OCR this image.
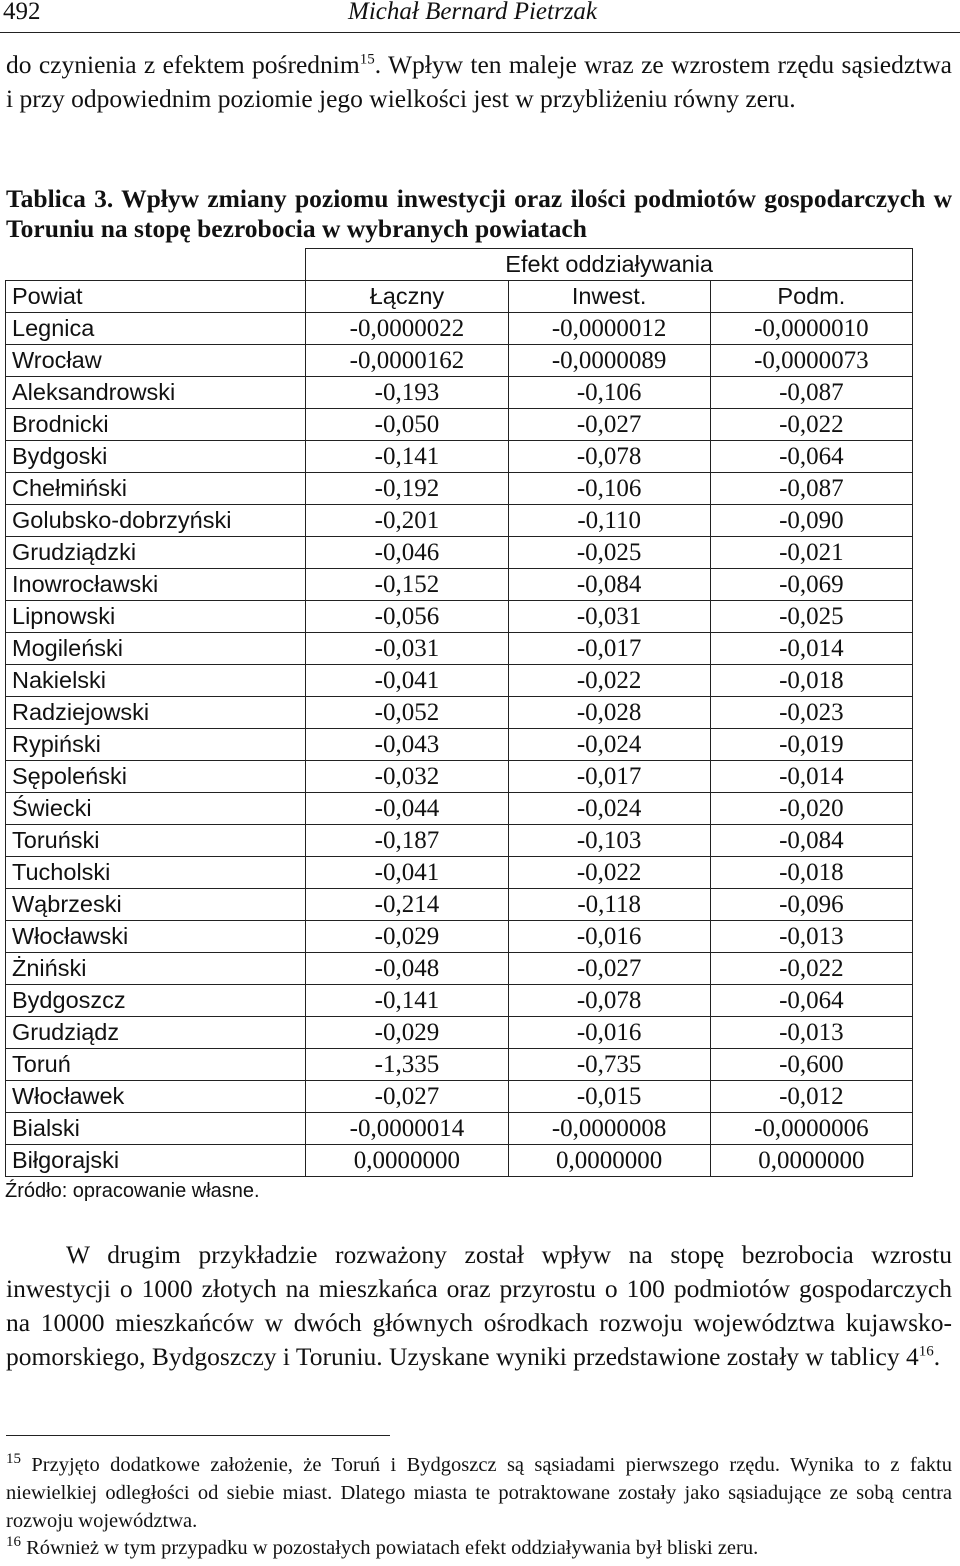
492	Michał Bernard Pietrzak

do czynienia z efektem pośrednim$^{15}$. Wpływ ten maleje wraz ze wzrostem rzędu sąsiedztwa i przy odpowiednim poziomie jego wielkości jest w przybliżeniu równy zeru.

Tablica 3. Wpływ zmiany poziomu inwestycji oraz ilości podmiotów gospodarczych w Toruniu na stopę bezrobocia w wybranych powiatach

	Efekt oddziaływania		
Powiat	Łączny	Inwest.	Podm.
Legnica	-0,0000022	-0,0000012	-0,0000010
Wrocław	-0,0000162	-0,0000089	-0,0000073
Aleksandrowski	-0,193	-0,106	-0,087
Brodnicki	-0,050	-0,027	-0,022
Bydgoski	-0,141	-0,078	-0,064
Chełmiński	-0,192	-0,106	-0,087
Golubsko-dobrzyński	-0,201	-0,110	-0,090
Grudziądzki	-0,046	-0,025	-0,021
Inowrocławski	-0,152	-0,084	-0,069
Lipnowski	-0,056	-0,031	-0,025
Mogileński	-0,031	-0,017	-0,014
Nakielski	-0,041	-0,022	-0,018
Radziejowski	-0,052	-0,028	-0,023
Rypiński	-0,043	-0,024	-0,019
Sępoleński	-0,032	-0,017	-0,014
Świecki	-0,044	-0,024	-0,020
Toruński	-0,187	-0,103	-0,084
Tucholski	-0,041	-0,022	-0,018
Wąbrzeski	-0,214	-0,118	-0,096
Włocławski	-0,029	-0,016	-0,013
Żniński	-0,048	-0,027	-0,022
Bydgoszcz	-0,141	-0,078	-0,064
Grudziądz	-0,029	-0,016	-0,013
Toruń	-1,335	-0,735	-0,600
Włocławek	-0,027	-0,015	-0,012
Bialski	-0,0000014	-0,0000008	-0,0000006
Biłgorajski	0,0000000	0,0000000	0,0000000
Źródło: opracowanie własne.

W drugim przykładzie rozważony został wpływ na stopę bezrobocia wzrostu inwestycji o 1000 złotych na mieszkańca oraz przyrostu o 100 podmiotów gospodarczych na 10000 mieszkańców w dwóch głównych ośrodkach rozwoju województwa kujawsko-pomorskiego, Bydgoszczy i Toruniu. Uzyskane wyniki przedstawione zostały w tablicy $4^{16}$.

$^{15}$ Przyjęto dodatkowe założenie, że Toruń i Bydgoszcz są sąsiadami pierwszego rzędu. Wynika to z faktu niewielkiej odległości od siebie miast. Dlatego miasta te potraktowane zostały jako sąsiadujące ze sobą centra rozwoju województwa.

$^{16}$ Również w tym przypadku w pozostałych powiatach efekt oddziaływania był bliski zeru.
